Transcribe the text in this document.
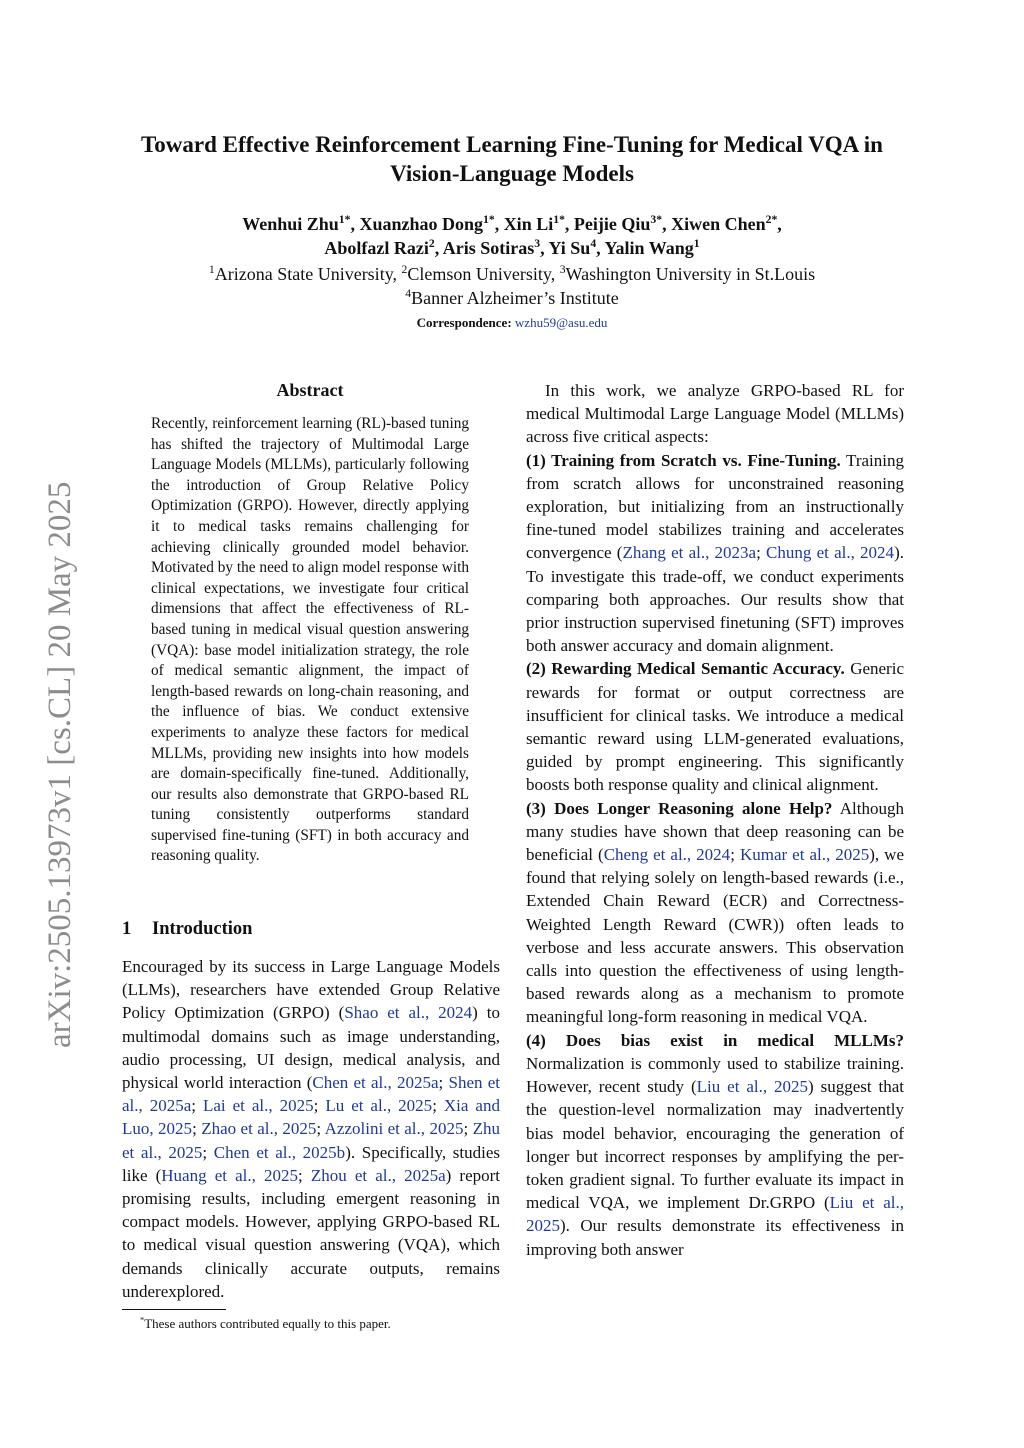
arXiv:2505.13973v1 [cs.CL] 20 May 2025
Toward Effective Reinforcement Learning Fine-Tuning for Medical VQA in
Vision-Language Models
Wenhui Zhu$^{1*}$, Xuanzhao Dong$^{1*}$, Xin $Li^{1*}$, Peijie Qiu$^{3*}$, Xiwen Chen$^{2*}$,
Abolfazl Razi$^2$, Aris Sotiras$^3$, Yi Su$^4$, Yalin Wang$^1$
$^1$Arizona State University, $^2$Clemson University, $^3$Washington University in St.Louis
$^4$Banner Alzheimer’s Institute
Correspondence: wzhu59@asu.edu
Abstract
Recently, reinforcement learning (RL)-based tuning has shifted the trajectory of Multimodal Large Language Models (MLLMs), particularly following the introduction of Group Relative Policy Optimization (GRPO). However, directly applying it to medical tasks remains challenging for achieving clinically grounded model behavior. Motivated by the need to align model response with clinical expectations, we investigate four critical dimensions that affect the effectiveness of RL-based tuning in medical visual question answering (VQA): base model initialization strategy, the role of medical semantic alignment, the impact of length-based rewards on long-chain reasoning, and the influence of bias. We conduct extensive experiments to analyze these factors for medical MLLMs, providing new insights into how models are domain-specifically fine-tuned. Additionally, our results also demonstrate that GRPO-based RL tuning consistently outperforms standard supervised fine-tuning (SFT) in both accuracy and reasoning quality.
1 Introduction
Encouraged by its success in Large Language Models (LLMs), researchers have extended Group Relative Policy Optimization (GRPO) (Shao et al., 2024) to multimodal domains such as image understanding, audio processing, UI design, medical analysis, and physical world interaction (Chen et al., 2025a; Shen et al., 2025a; Lai et al., 2025; Lu et al., 2025; Xia and Luo, 2025; Zhao et al., 2025; Azzolini et al., 2025; Zhu et al., 2025; Chen et al., 2025b). Specifically, studies like (Huang et al., 2025; Zhou et al., 2025a) report promising results, including emergent reasoning in compact models. However, applying GRPO-based RL to medical visual question answering (VQA), which demands clinically accurate outputs, remains underexplored.
*These authors contributed equally to this paper.

In this work, we analyze GRPO-based RL for medical Multimodal Large Language Model (MLLMs) across five critical aspects:

(1) Training from Scratch vs. Fine-Tuning. Training from scratch allows for unconstrained reasoning exploration, but initializing from an instructionally fine-tuned model stabilizes training and accelerates convergence (Zhang et al., 2023a; Chung et al., 2024). To investigate this trade-off, we conduct experiments comparing both approaches. Our results show that prior instruction supervised finetuning (SFT) improves both answer accuracy and domain alignment.

(2) Rewarding Medical Semantic Accuracy. Generic rewards for format or output correctness are insufficient for clinical tasks. We introduce a medical semantic reward using LLM-generated evaluations, guided by prompt engineering. This significantly boosts both response quality and clinical alignment.

(3) Does Longer Reasoning alone Help? Although many studies have shown that deep reasoning can be beneficial (Cheng et al., 2024; Kumar et al., 2025), we found that relying solely on length-based rewards (i.e., Extended Chain Reward (ECR) and Correctness-Weighted Length Reward (CWR)) often leads to verbose and less accurate answers. This observation calls into question the effectiveness of using length-based rewards along as a mechanism to promote meaningful long-form reasoning in medical VQA.

(4) Does bias exist in medical MLLMs? Normalization is commonly used to stabilize training. However, recent study (Liu et al., 2025) suggest that the question-level normalization may inadvertently bias model behavior, encouraging the generation of longer but incorrect responses by amplifying the per-token gradient signal. To further evaluate its impact in medical VQA, we implement Dr.GRPO (Liu et al., 2025). Our results demonstrate its effectiveness in improving both answer
